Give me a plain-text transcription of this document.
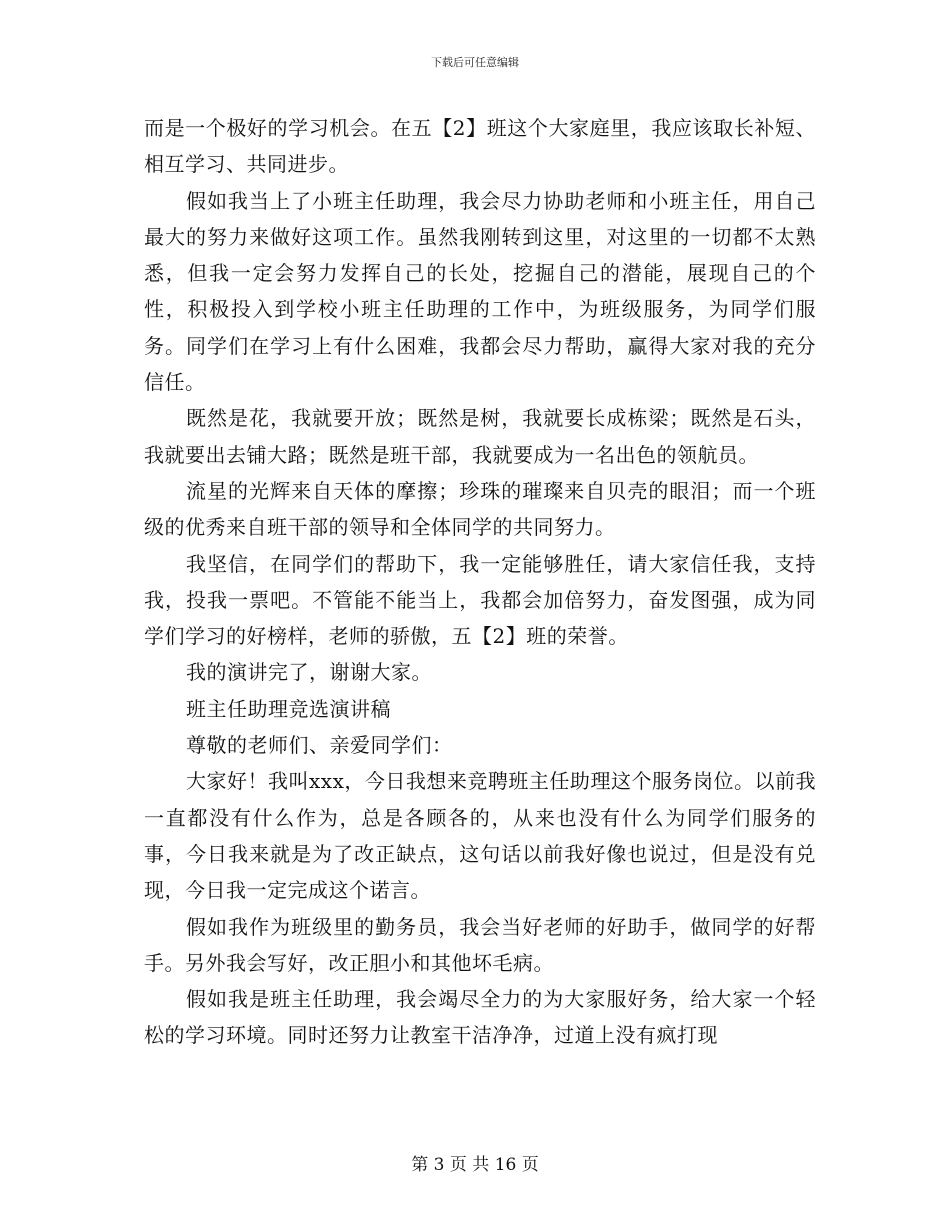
下载后可任意编辑

而是一个极好的学习机会。在五【2】班这个大家庭里，我应该取长补短、相互学习、共同进步。

假如我当上了小班主任助理，我会尽力协助老师和小班主任，用自己最大的努力来做好这项工作。虽然我刚转到这里，对这里的一切都不太熟悉，但我一定会努力发挥自己的长处，挖掘自己的潜能，展现自己的个性，积极投入到学校小班主任助理的工作中，为班级服务，为同学们服务。同学们在学习上有什么困难，我都会尽力帮助，赢得大家对我的充分信任。

既然是花，我就要开放；既然是树，我就要长成栋梁；既然是石头，我就要出去铺大路；既然是班干部，我就要成为一名出色的领航员。

流星的光辉来自天体的摩擦；珍珠的璀璨来自贝壳的眼泪；而一个班级的优秀来自班干部的领导和全体同学的共同努力。

我坚信，在同学们的帮助下，我一定能够胜任，请大家信任我，支持我，投我一票吧。不管能不能当上，我都会加倍努力，奋发图强，成为同学们学习的好榜样，老师的骄傲，五【2】班的荣誉。

我的演讲完了，谢谢大家。

班主任助理竞选演讲稿

尊敬的老师们、亲爱同学们：

大家好！我叫xxx，今日我想来竞聘班主任助理这个服务岗位。以前我一直都没有什么作为，总是各顾各的，从来也没有什么为同学们服务的事，今日我来就是为了改正缺点，这句话以前我好像也说过，但是没有兑现，今日我一定完成这个诺言。

假如我作为班级里的勤务员，我会当好老师的好助手，做同学的好帮手。另外我会写好，改正胆小和其他坏毛病。

假如我是班主任助理，我会竭尽全力的为大家服好务，给大家一个轻松的学习环境。同时还努力让教室干洁净净，过道上没有疯打现

第 3 页 共 16 页
